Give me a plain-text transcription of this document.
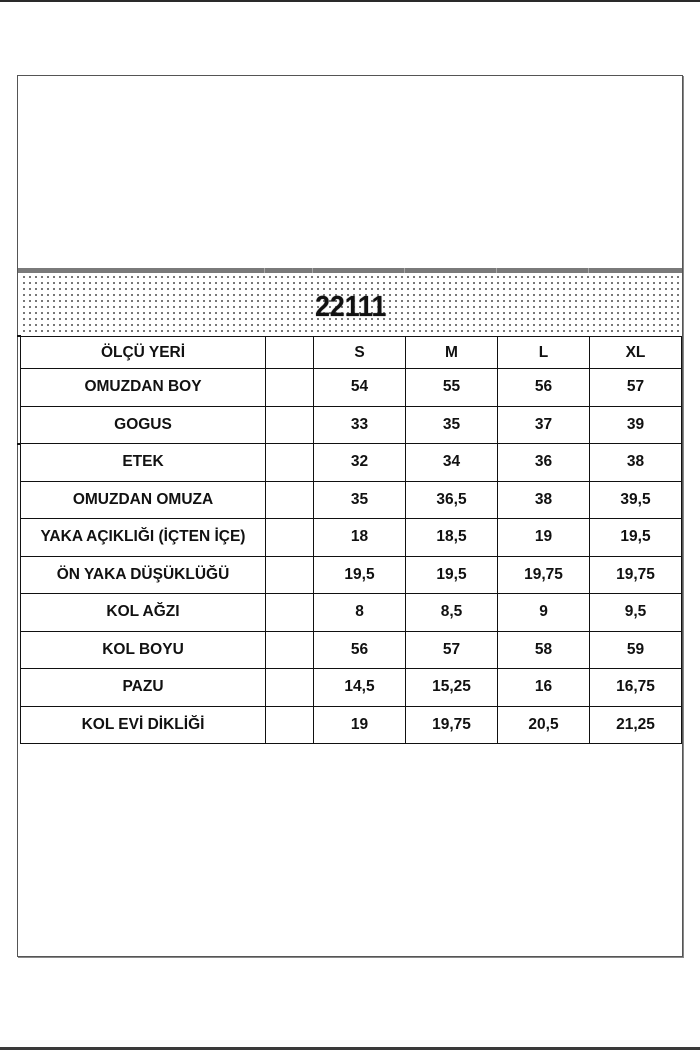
22111
ÖLÇÜ YERİ		S	M	L	XL
OMUZDAN BOY		54	55	56	57
GOGUS		33	35	37	39
ETEK		32	34	36	38
OMUZDAN OMUZA		35	36,5	38	39,5
YAKA AÇIKLIĞI (İÇTEN İÇE)		18	18,5	19	19,5
ÖN YAKA DÜŞÜKLÜĞÜ		19,5	19,5	19,75	19,75
KOL AĞZI		8	8,5	9	9,5
KOL BOYU		56	57	58	59
PAZU		14,5	15,25	16	16,75
KOL EVİ DİKLİĞİ		19	19,75	20,5	21,25
